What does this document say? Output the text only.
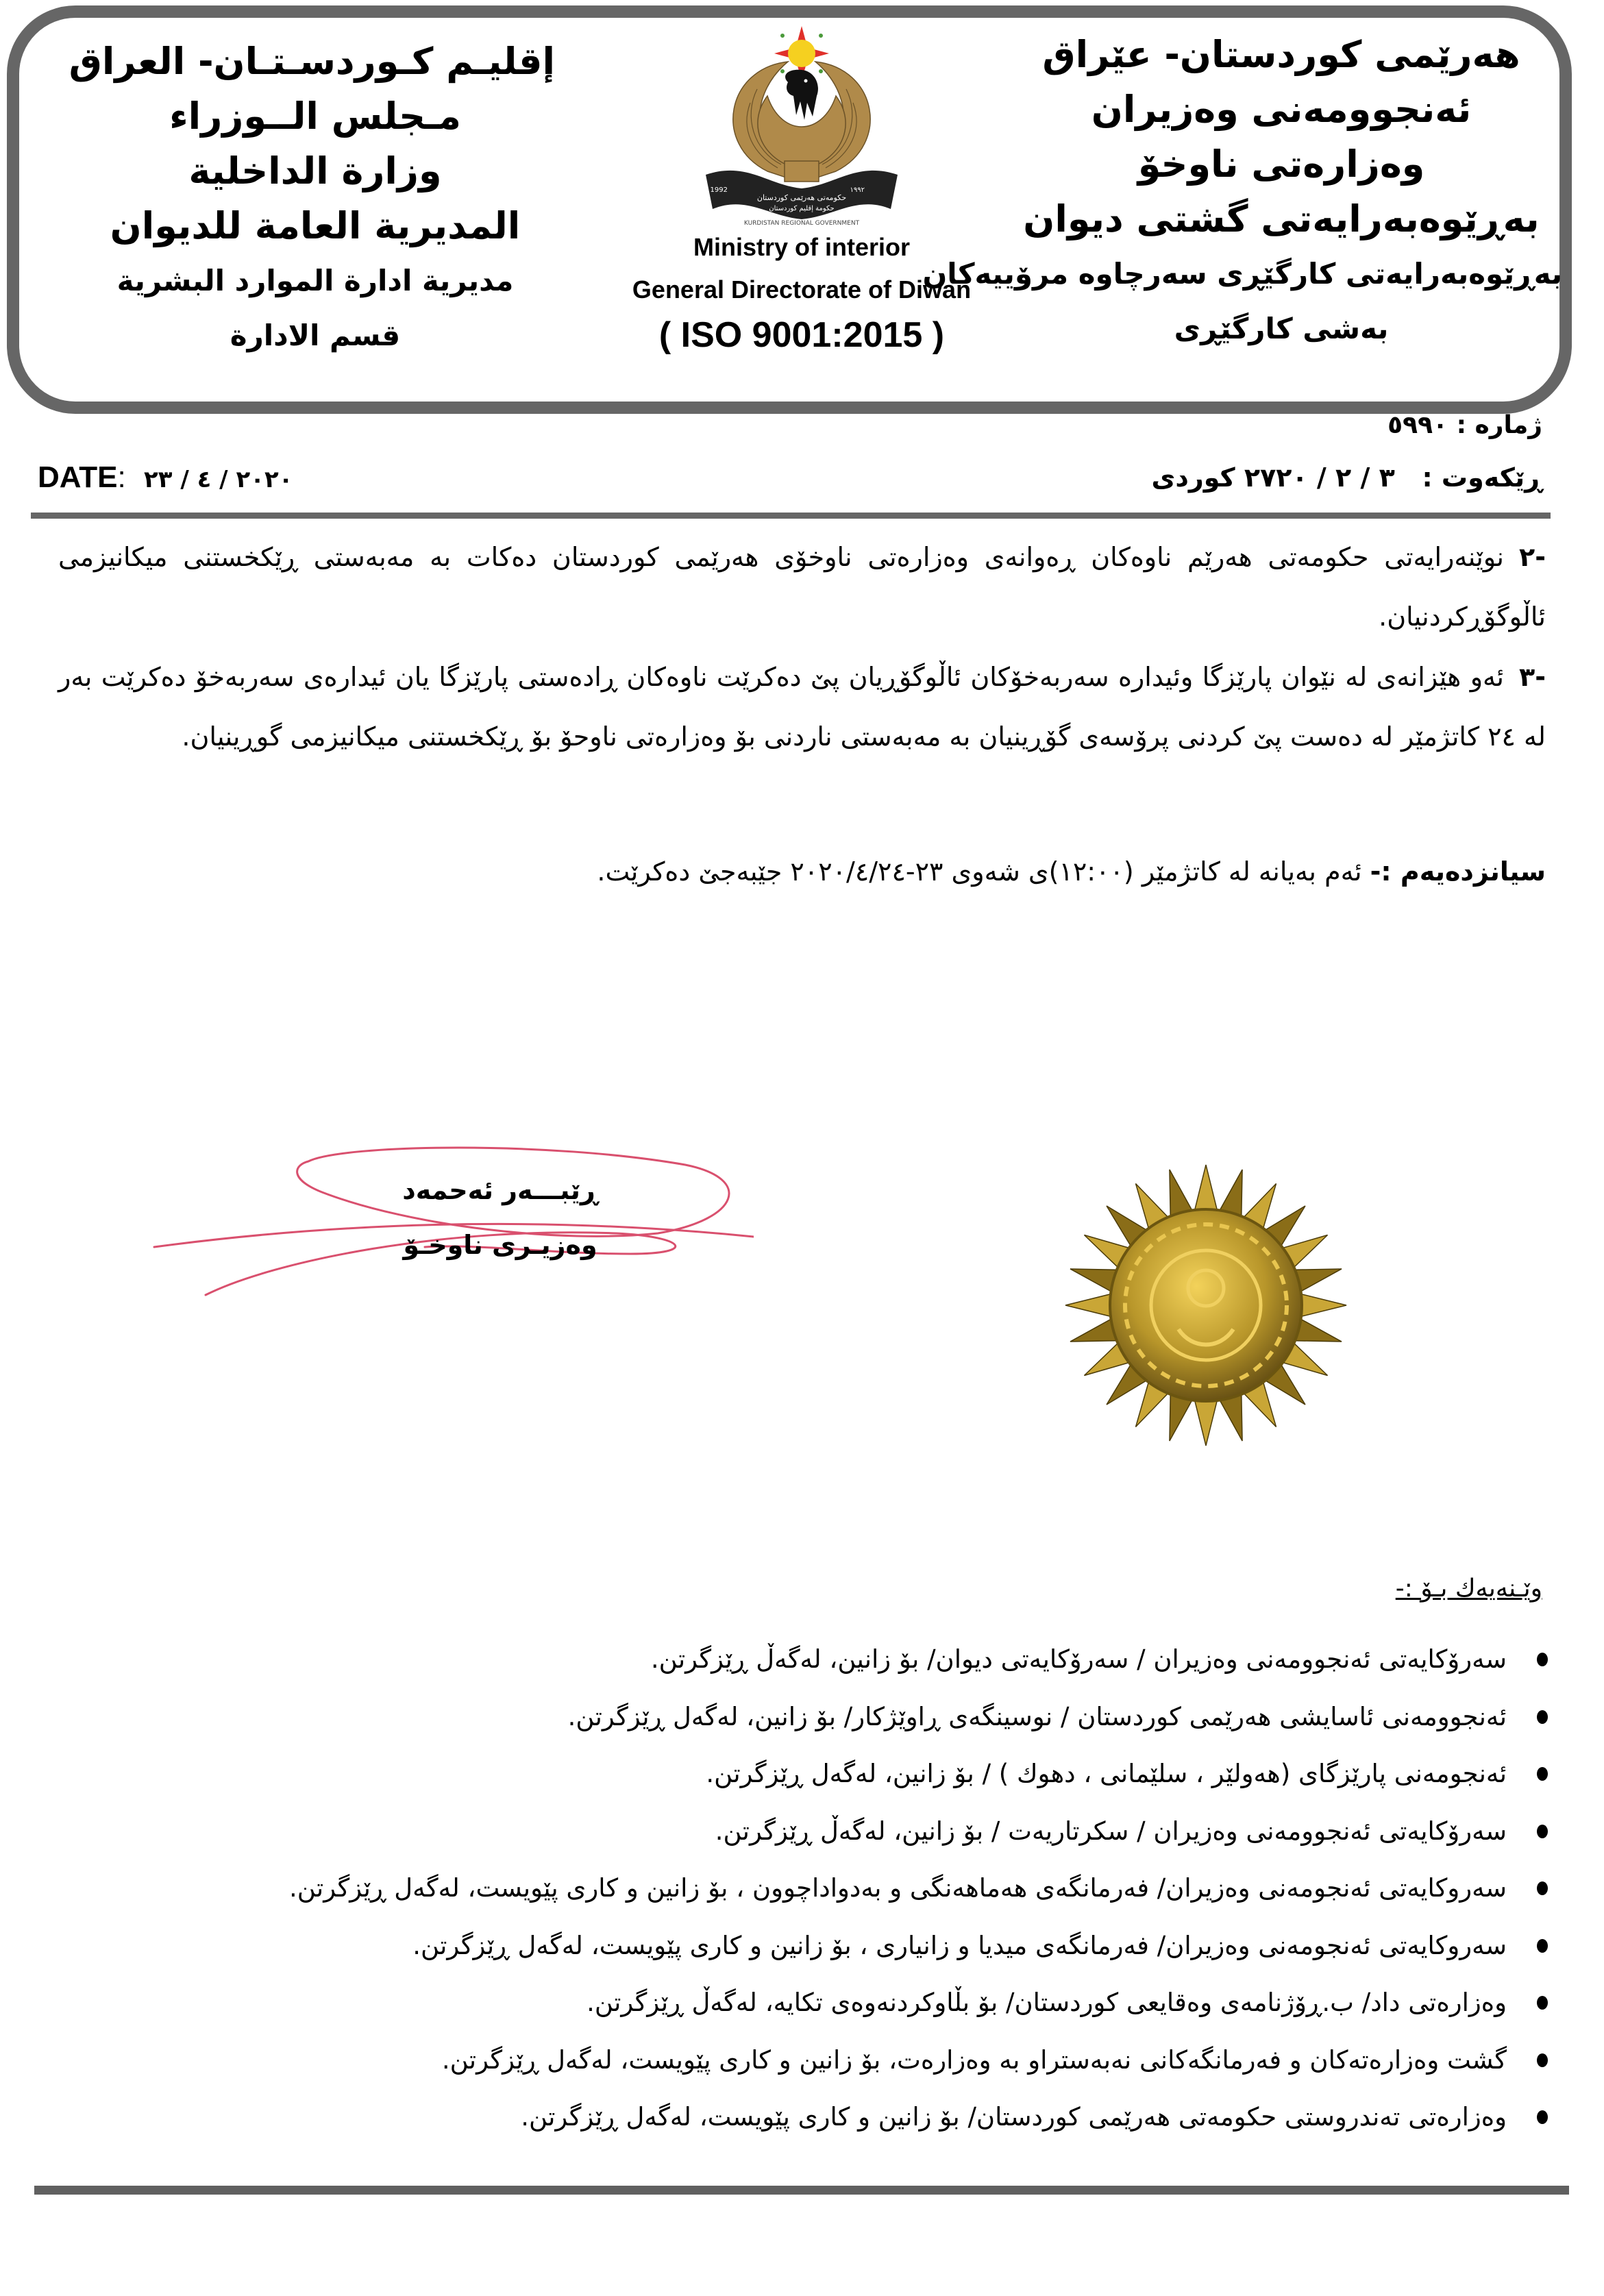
إقليـم كـوردسـتـان- العراق
مـجلس الــوزراء
وزارة الداخلية
المديرية العامة للديوان
مديرية ادارة الموارد البشرية
قسم الادارة
حکومەتی هەرێمی کوردستان
حكومة إقليم كوردستان
1992	١٩٩٢
KURDISTAN REGIONAL GOVERNMENT
Ministry of interior
General Directorate of Diwan
( ISO 9001:2015 )
هەرێمی کوردستان- عێراق
ئەنجوومەنی وەزیران
وەزارەتی ناوخۆ
بەڕێوەبەرایەتی گشتی دیوان
بەڕێوەبەرایەتی کارگێڕی سەرچاوە مرۆییەکان
بەشی کارگێڕی
ژمارە : ٥٩٩٠
ڕێکەوت :   ٣ / ٢ / ٢٧٢٠ کوردی
DATE: ٢٠٢٠ / ٤ / ٢٣
-٢نوێنەرایەتی حکومەتی هەرێم ناوەکان ڕەوانەی وەزارەتی ناوخۆی هەرێمی کوردستان دەکات بە مەبەستی ڕێکخستنی میکانیزمی ئاڵوگۆڕکردنیان.
-٣ئەو هێزانەی لە نێوان پارێزگا وئیدارە سەربەخۆکان ئاڵوگۆڕیان پێ دەکرێت ناوەکان ڕادەستی پارێزگا یان ئیدارەی سەربەخۆ دەکرێت بەر لە ٢٤ کاتژمێر لە دەست پێ کردنی پرۆسەی گۆڕینیان بە مەبەستی ناردنی بۆ وەزارەتی ناوحۆ بۆ ڕێکخستنی میکانیزمی گوڕینیان.
سیانزدەیەم :- ئەم بەیانە لە کاتژمێر (١٢:٠٠)ی شەوی ٢٣-٢٠٢٠/٤/٢٤ جێبەجێ دەکرێت.
ڕێبـــەر ئەحمەد
وەزیـری ناوخـۆ
وێـنەیەك بـۆ :-
سەرۆکایەتی ئەنجوومەنی وەزیران / سەرۆکایەتی دیوان/ بۆ زانین، لەگەڵ ڕێزگرتن.
ئەنجوومەنی ئاسایشی هەرێمی کوردستان / نوسینگەی ڕاوێژکار/ بۆ زانین، لەگەل ڕێزگرتن.
ئەنجومەنی پارێزگای (هەولێر ، سلێمانی ، دهوك ) / بۆ زانین، لەگەل ڕێزگرتن.
سەرۆکایەتی ئەنجوومەنی وەزیران / سکرتاریەت / بۆ زانین، لەگەڵ ڕێزگرتن.
سەروکایەتی ئەنجومەنی وەزیران/ فەرمانگەی هەماهەنگی و بەدواداچوون ، بۆ زانین و کاری پێویست، لەگەل ڕێزگرتن.
سەروکایەتی ئەنجومەنی وەزیران/ فەرمانگەی میدیا و زانیاری ، بۆ زانین و کاری پێویست، لەگەل ڕێزگرتن.
وەزارەتی داد/ ب.ڕۆژنامەی وەقایعی کوردستان/ بۆ بڵاوکردنەوەی تکایە، لەگەڵ ڕێزگرتن.
گشت وەزارەتەکان و فەرمانگەکانی نەبەستراو بە وەزارەت، بۆ زانین و کاری پێویست، لەگەل ڕێزگرتن.
وەزارەتی تەندروستی حکومەتی هەرێمی کوردستان/ بۆ زانین و کاری پێویست، لەگەل ڕێزگرتن.
